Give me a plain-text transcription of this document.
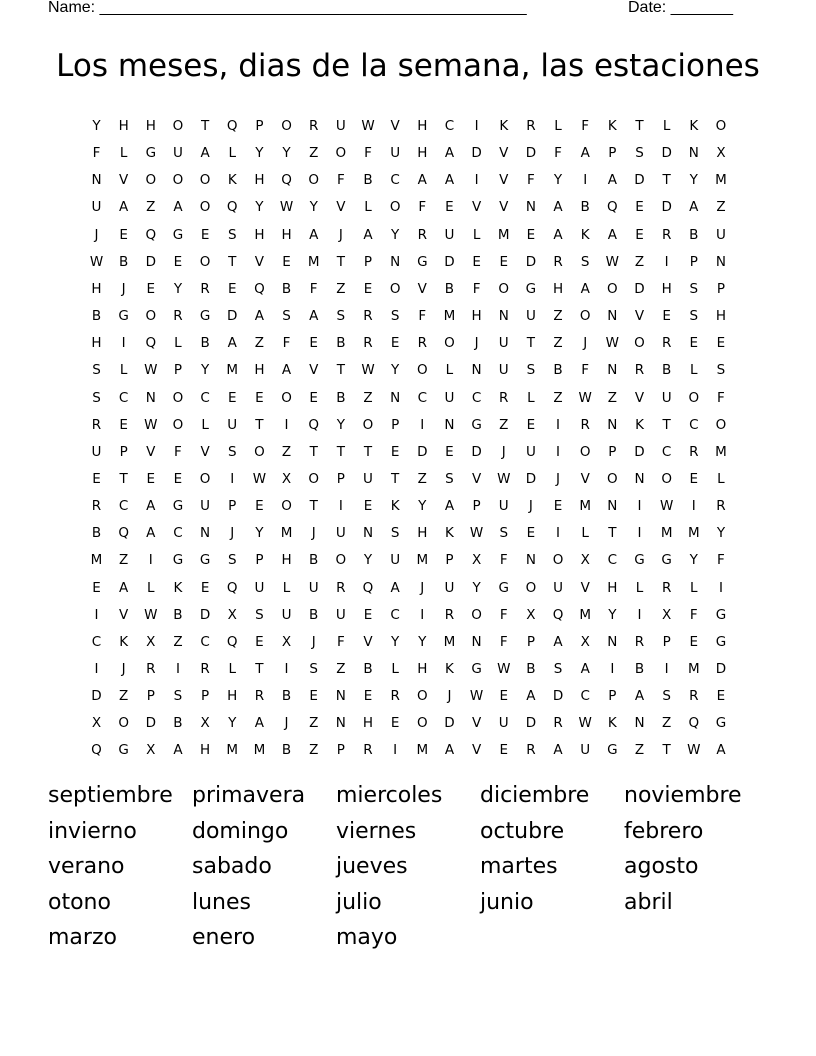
Name: ________________________________________________	Date: _______
Los meses, dias de la semana, las estaciones
Y	H	H	O	T	Q	P	O	R	U	W	V	H	C	I	K	R	L	F	K	T	L	K	O
F	L	G	U	A	L	Y	Y	Z	O	F	U	H	A	D	V	D	F	A	P	S	D	N	X
N	V	O	O	O	K	H	Q	O	F	B	C	A	A	I	V	F	Y	I	A	D	T	Y	M
U	A	Z	A	O	Q	Y	W	Y	V	L	O	F	E	V	V	N	A	B	Q	E	D	A	Z
J	E	Q	G	E	S	H	H	A	J	A	Y	R	U	L	M	E	A	K	A	E	R	B	U
W	B	D	E	O	T	V	E	M	T	P	N	G	D	E	E	D	R	S	W	Z	I	P	N
H	J	E	Y	R	E	Q	B	F	Z	E	O	V	B	F	O	G	H	A	O	D	H	S	P
B	G	O	R	G	D	A	S	A	S	R	S	F	M	H	N	U	Z	O	N	V	E	S	H
H	I	Q	L	B	A	Z	F	E	B	R	E	R	O	J	U	T	Z	J	W	O	R	E	E
S	L	W	P	Y	M	H	A	V	T	W	Y	O	L	N	U	S	B	F	N	R	B	L	S
S	C	N	O	C	E	E	O	E	B	Z	N	C	U	C	R	L	Z	W	Z	V	U	O	F
R	E	W	O	L	U	T	I	Q	Y	O	P	I	N	G	Z	E	I	R	N	K	T	C	O
U	P	V	F	V	S	O	Z	T	T	T	E	D	E	D	J	U	I	O	P	D	C	R	M
E	T	E	E	O	I	W	X	O	P	U	T	Z	S	V	W	D	J	V	O	N	O	E	L
R	C	A	G	U	P	E	O	T	I	E	K	Y	A	P	U	J	E	M	N	I	W	I	R
B	Q	A	C	N	J	Y	M	J	U	N	S	H	K	W	S	E	I	L	T	I	M	M	Y
M	Z	I	G	G	S	P	H	B	O	Y	U	M	P	X	F	N	O	X	C	G	G	Y	F
E	A	L	K	E	Q	U	L	U	R	Q	A	J	U	Y	G	O	U	V	H	L	R	L	I
I	V	W	B	D	X	S	U	B	U	E	C	I	R	O	F	X	Q	M	Y	I	X	F	G
C	K	X	Z	C	Q	E	X	J	F	V	Y	Y	M	N	F	P	A	X	N	R	P	E	G
I	J	R	I	R	L	T	I	S	Z	B	L	H	K	G	W	B	S	A	I	B	I	M	D
D	Z	P	S	P	H	R	B	E	N	E	R	O	J	W	E	A	D	C	P	A	S	R	E
X	O	D	B	X	Y	A	J	Z	N	H	E	O	D	V	U	D	R	W	K	N	Z	Q	G
Q	G	X	A	H	M	M	B	Z	P	R	I	M	A	V	E	R	A	U	G	Z	T	W	A
septiembre primavera	miercoles	diciembre	noviembre
invierno	domingo	viernes	octubre	febrero
verano	sabado	jueves	martes	agosto
otono	lunes	julio	junio	abril
marzo	enero	mayo
